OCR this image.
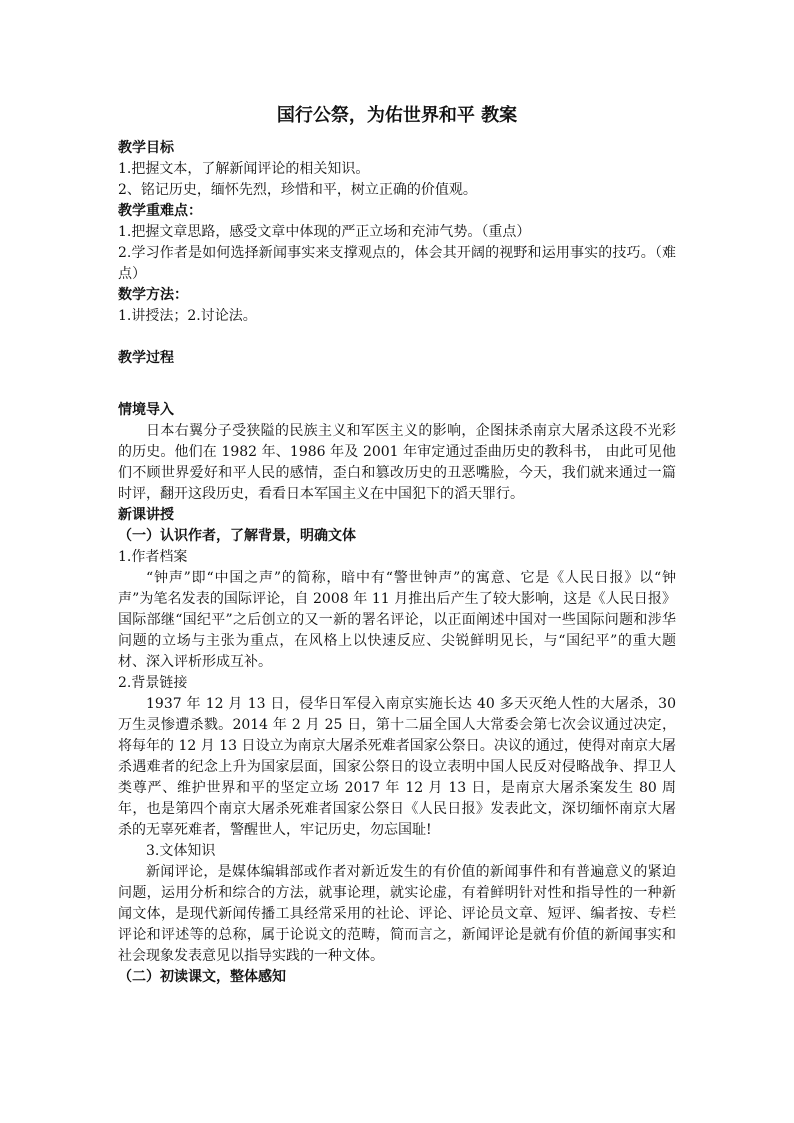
国行公祭，为佑世界和平 教案
教学目标
1.把握文本，了解新闻评论的相关知识。
2、铭记历史，缅怀先烈，珍惜和平，树立正确的价值观。
教学重难点：
1.把握文章思路，感受文章中体现的严正立场和充沛气势。（重点）
2.学习作者是如何选择新闻事实来支撑观点的，体会其开阔的视野和运用事实的技巧。（难点）
数学方法：
1.讲授法；2.讨论法。
教学过程
情境导入
日本右翼分子受狭隘的民族主义和军医主义的影响，企图抹杀南京大屠杀这段不光彩的历史。他们在 1982 年、1986 年及 2001 年审定通过歪曲历史的教科书， 由此可见他们不顾世界爱好和平人民的感情，歪白和篡改历史的丑恶嘴脸，今天，我们就来通过一篇时评，翻开这段历史，看看日本军国主义在中国犯下的滔天罪行。
新课讲授
（一）认识作者，了解背景，明确文体
1.作者档案
“钟声”即“中国之声”的简称，暗中有“警世钟声”的寓意、它是《人民日报》以“钟声”为笔名发表的国际评论，自 2008 年 11 月推出后产生了较大影响，这是《人民日报》国际部继“国纪平”之后创立的又一新的署名评论，以正面阐述中国对一些国际问题和涉华问题的立场与主张为重点，在风格上以快速反应、尖锐鲜明见长，与“国纪平”的重大题材、深入评析形成互补。
2.背景链接
1937 年 12 月 13 日，侵华日军侵入南京实施长达 40 多天灭绝人性的大屠杀，30 万生灵惨遭杀戮。2014 年 2 月 25 日，第十二届全国人大常委会第七次会议通过决定，将每年的 12 月 13 日设立为南京大屠杀死难者国家公祭日。决议的通过，使得对南京大屠杀遇难者的纪念上升为国家层面，国家公祭日的设立表明中国人民反对侵略战争、捍卫人类尊严、维护世界和平的坚定立场 2017 年 12 月 13 日，是南京大屠杀案发生 80 周年，也是第四个南京大屠杀死难者国家公祭日《人民日报》发表此文，深切缅怀南京大屠杀的无辜死难者，警醒世人，牢记历史，勿忘国耻!
3.文体知识
新闻评论，是媒体编辑部或作者对新近发生的有价值的新闻事件和有普遍意义的紧迫问题，运用分析和综合的方法，就事论理，就实论虚，有着鲜明针对性和指导性的一种新闻文体，是现代新闻传播工具经常采用的社论、评论、评论员文章、短评、编者按、专栏评论和评述等的总称，属于论说文的范畴，简而言之，新闻评论是就有价值的新闻事实和社会现象发表意见以指导实践的一种文体。
（二）初读课文，整体感知
